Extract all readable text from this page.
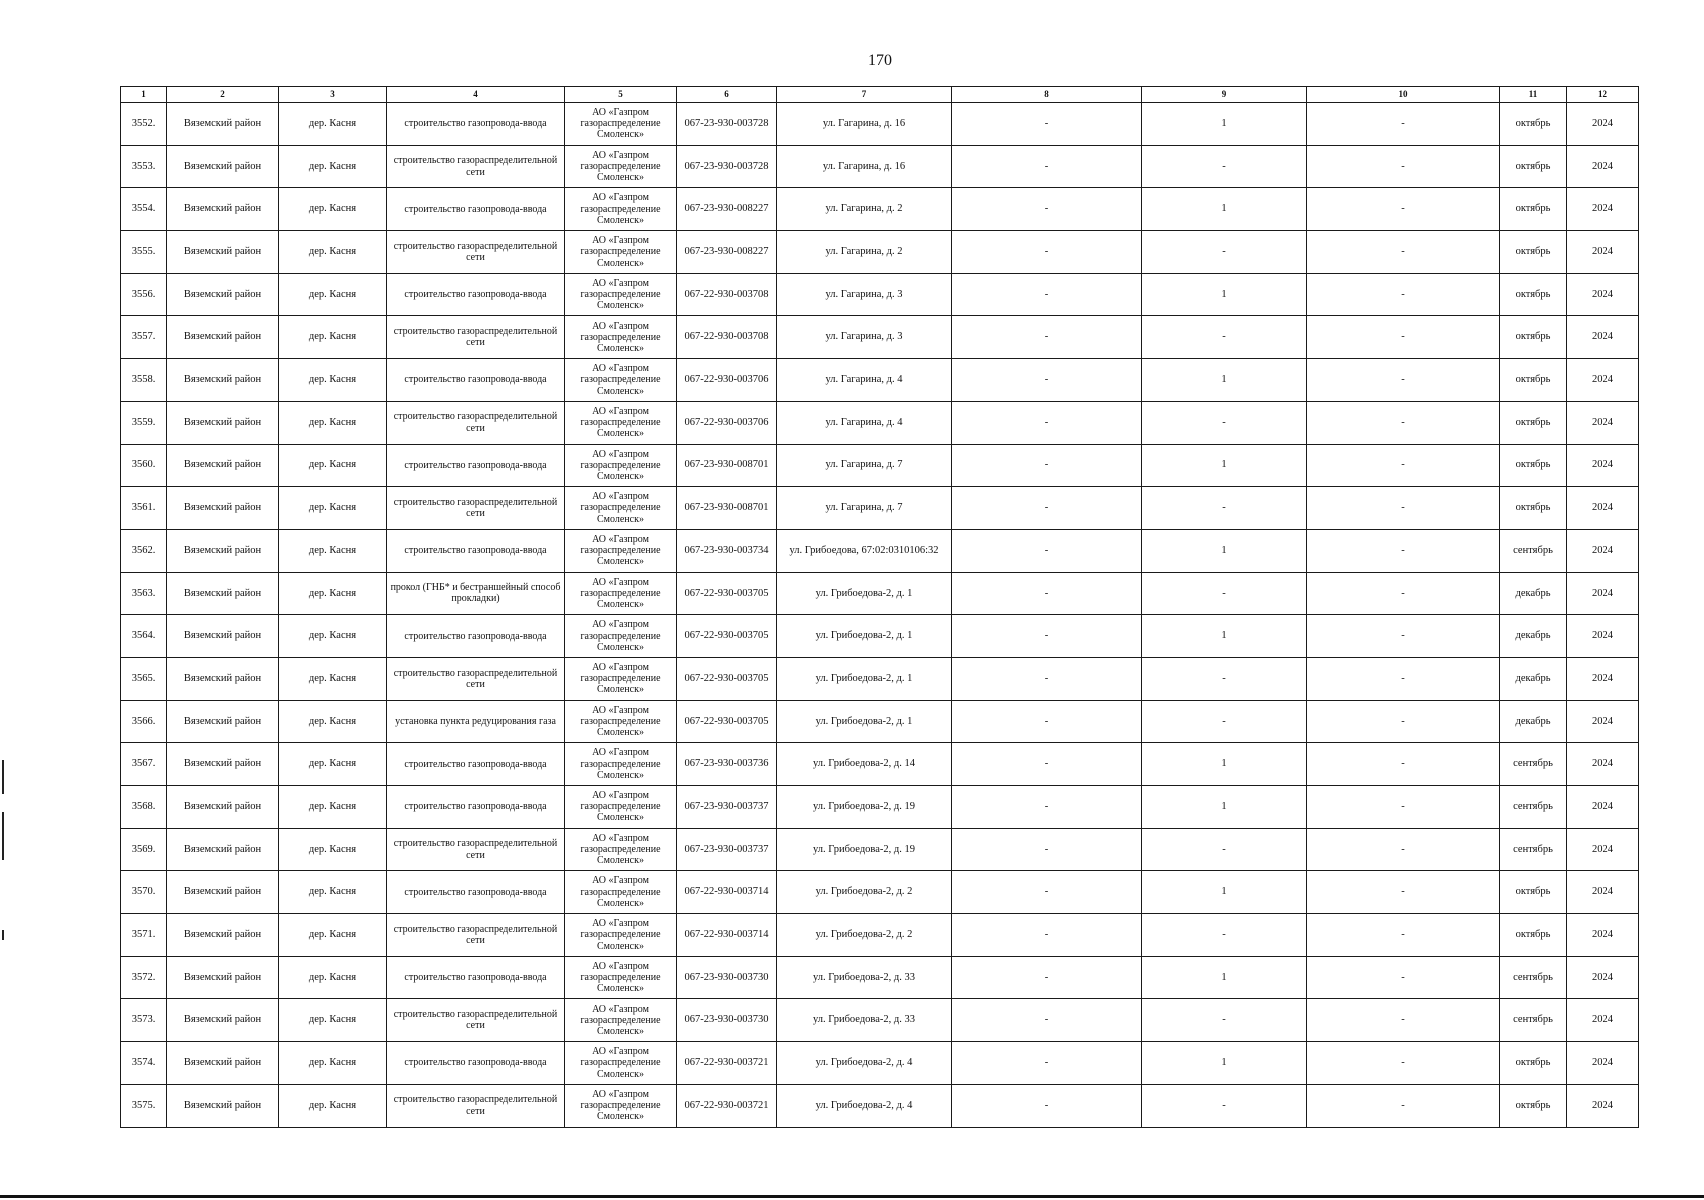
170
1	2	3	4	5	6	7	8	9	10	11	12
3552.	Вяземский район	дер. Касня	строительство газопровода-ввода	АО «Газпром газораспределение Смоленск»	067-23-930-003728	ул. Гагарина, д. 16	-	1	-	октябрь	2024
3553.	Вяземский район	дер. Касня	строительство газораспределительной сети	АО «Газпром газораспределение Смоленск»	067-23-930-003728	ул. Гагарина, д. 16	-	-	-	октябрь	2024
3554.	Вяземский район	дер. Касня	строительство газопровода-ввода	АО «Газпром газораспределение Смоленск»	067-23-930-008227	ул. Гагарина, д. 2	-	1	-	октябрь	2024
3555.	Вяземский район	дер. Касня	строительство газораспределительной сети	АО «Газпром газораспределение Смоленск»	067-23-930-008227	ул. Гагарина, д. 2	-	-	-	октябрь	2024
3556.	Вяземский район	дер. Касня	строительство газопровода-ввода	АО «Газпром газораспределение Смоленск»	067-22-930-003708	ул. Гагарина, д. 3	-	1	-	октябрь	2024
3557.	Вяземский район	дер. Касня	строительство газораспределительной сети	АО «Газпром газораспределение Смоленск»	067-22-930-003708	ул. Гагарина, д. 3	-	-	-	октябрь	2024
3558.	Вяземский район	дер. Касня	строительство газопровода-ввода	АО «Газпром газораспределение Смоленск»	067-22-930-003706	ул. Гагарина, д. 4	-	1	-	октябрь	2024
3559.	Вяземский район	дер. Касня	строительство газораспределительной сети	АО «Газпром газораспределение Смоленск»	067-22-930-003706	ул. Гагарина, д. 4	-	-	-	октябрь	2024
3560.	Вяземский район	дер. Касня	строительство газопровода-ввода	АО «Газпром газораспределение Смоленск»	067-23-930-008701	ул. Гагарина, д. 7	-	1	-	октябрь	2024
3561.	Вяземский район	дер. Касня	строительство газораспределительной сети	АО «Газпром газораспределение Смоленск»	067-23-930-008701	ул. Гагарина, д. 7	-	-	-	октябрь	2024
3562.	Вяземский район	дер. Касня	строительство газопровода-ввода	АО «Газпром газораспределение Смоленск»	067-23-930-003734	ул. Грибоедова, 67:02:0310106:32	-	1	-	сентябрь	2024
3563.	Вяземский район	дер. Касня	прокол (ГНБ* и бестраншейный способ прокладки)	АО «Газпром газораспределение Смоленск»	067-22-930-003705	ул. Грибоедова-2, д. 1	-	-	-	декабрь	2024
3564.	Вяземский район	дер. Касня	строительство газопровода-ввода	АО «Газпром газораспределение Смоленск»	067-22-930-003705	ул. Грибоедова-2, д. 1	-	1	-	декабрь	2024
3565.	Вяземский район	дер. Касня	строительство газораспределительной сети	АО «Газпром газораспределение Смоленск»	067-22-930-003705	ул. Грибоедова-2, д. 1	-	-	-	декабрь	2024
3566.	Вяземский район	дер. Касня	установка пункта редуцирования газа	АО «Газпром газораспределение Смоленск»	067-22-930-003705	ул. Грибоедова-2, д. 1	-	-	-	декабрь	2024
3567.	Вяземский район	дер. Касня	строительство газопровода-ввода	АО «Газпром газораспределение Смоленск»	067-23-930-003736	ул. Грибоедова-2, д. 14	-	1	-	сентябрь	2024
3568.	Вяземский район	дер. Касня	строительство газопровода-ввода	АО «Газпром газораспределение Смоленск»	067-23-930-003737	ул. Грибоедова-2, д. 19	-	1	-	сентябрь	2024
3569.	Вяземский район	дер. Касня	строительство газораспределительной сети	АО «Газпром газораспределение Смоленск»	067-23-930-003737	ул. Грибоедова-2, д. 19	-	-	-	сентябрь	2024
3570.	Вяземский район	дер. Касня	строительство газопровода-ввода	АО «Газпром газораспределение Смоленск»	067-22-930-003714	ул. Грибоедова-2, д. 2	-	1	-	октябрь	2024
3571.	Вяземский район	дер. Касня	строительство газораспределительной сети	АО «Газпром газораспределение Смоленск»	067-22-930-003714	ул. Грибоедова-2, д. 2	-	-	-	октябрь	2024
3572.	Вяземский район	дер. Касня	строительство газопровода-ввода	АО «Газпром газораспределение Смоленск»	067-23-930-003730	ул. Грибоедова-2, д. 33	-	1	-	сентябрь	2024
3573.	Вяземский район	дер. Касня	строительство газораспределительной сети	АО «Газпром газораспределение Смоленск»	067-23-930-003730	ул. Грибоедова-2, д. 33	-	-	-	сентябрь	2024
3574.	Вяземский район	дер. Касня	строительство газопровода-ввода	АО «Газпром газораспределение Смоленск»	067-22-930-003721	ул. Грибоедова-2, д. 4	-	1	-	октябрь	2024
3575.	Вяземский район	дер. Касня	строительство газораспределительной сети	АО «Газпром газораспределение Смоленск»	067-22-930-003721	ул. Грибоедова-2, д. 4	-	-	-	октябрь	2024
